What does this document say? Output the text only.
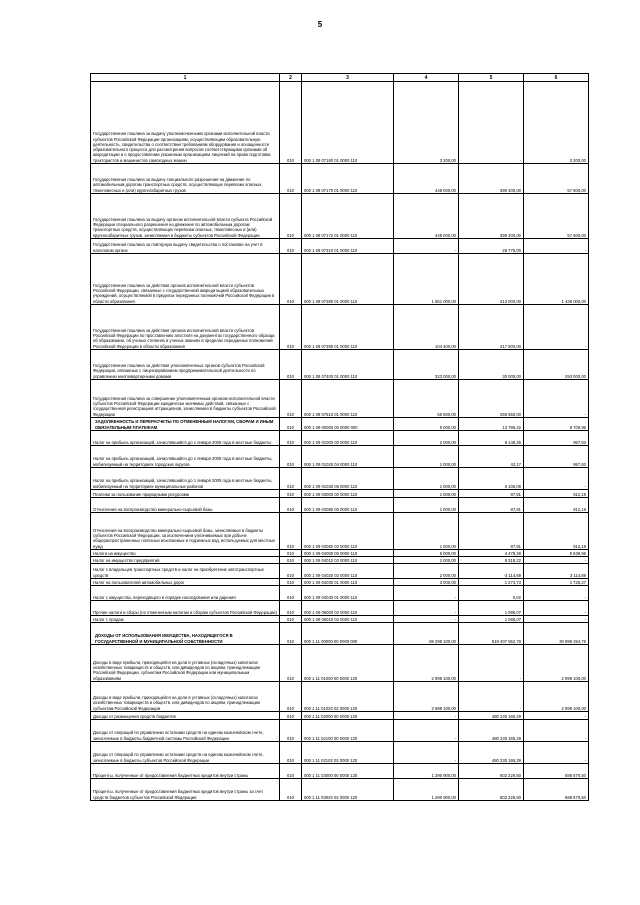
5
1	2	3	4	5	6
Государственная пошлина за выдачу уполномоченными органами исполнительной власти субъектов Российской Федерации организациям, осуществляющим образовательную деятельность, свидетельства о соответствии требованиям оборудования и оснащенности образовательного процесса для рассмотрения вопросов соответствующими органами об аккредитации и о предоставлении указанным организациям лицензий на право подготовки трактористов и машинистов самоходных машин	010	000 1 08 07160 01 0000 110	3 200,00	-	3 200,00
Государственная пошлина за выдачу специального разрешения на движение по автомобильным дорогам транспортных средств, осуществляющих перевозки опасных, тяжеловесных и (или) крупногабаритных грузов	010	000 1 08 07170 01 0000 110	448 000,00	390 400,00	57 600,00
Государственная пошлина за выдачу органом исполнительной власти субъекта Российской Федерации специального разрешения на движение по автомобильным дорогам транспортных средств, осуществляющих перевозки опасных, тяжеловесных и (или) крупногабаритных грузов, зачисляемая в бюджеты субъектов Российской Федерации	010	000 1 08 07172 01 0000 110	448 000,00	390 400,00	57 600,00
Государственная пошлина за повторную выдачу свидетельства о постановке на учет в налоговом органе	010	000 1 08 07310 01 0000 110	-	26 775,00	-
Государственная пошлина за действия органов исполнительной власти субъектов Российской Федерации, связанные с государственной аккредитацией образовательных учреждений, осуществляемой в пределах переданных полномочий Российской Федерации в области образования	010	000 1 08 07380 01 0000 110	1 651 000,00	213 000,00	1 438 000,00
Государственная пошлина за действия органов исполнительной власти субъектов Российской Федерации по проставлению апостиля на документах государственного образца об образовании, об ученых степенях и ученых званиях в пределах переданных полномочий Российской Федерации в области образования	010	000 1 08 07390 01 0000 110	104 400,00	217 500,00	-
Государственная пошлина за действия уполномоченных органов субъектов Российской Федерации, связанные с лицензированием предпринимательской деятельности по управлению многоквартирными домами	010	000 1 08 07400 01 0000 110	323 000,00	30 000,00	293 000,00
Государственная пошлина за совершение уполномоченным органом исполнительной власти субъектов Российской Федерации юридически значимых действий, связанных с государственной регистрацией аттракционов, зачисляемая в бюджеты субъектов Российской Федерации	010	000 1 08 07510 01 0000 110	55 800,00	259 550,00	-
ЗАДОЛЖЕННОСТЬ И ПЕРЕРАСЧЕТЫ ПО ОТМЕНЕННЫМ НАЛОГАМ, СБОРАМ И ИНЫМ ОБЯЗАТЕЛЬНЫМ ПЛАТЕЖАМ	010	000 1 09 00000 00 0000 000	9 000,00	13 796,42	8 709,96
Налог на прибыль организаций, зачислявшийся до 1 января 2005 года в местные бюджеты	010	000 1 09 01000 00 0000 110	2 000,00	8 148,26	957,83
Налог на прибыль организаций, зачислявшийся до 1 января 2005 года в местные бюджеты, мобилизуемый на территориях городских округов	010	000 1 09 01020 04 0000 110	1 000,00	42,17	957,83
Налог на прибыль организаций, зачислявшийся до 1 января 2005 года в местные бюджеты, мобилизуемый на территориях муниципальных районов	010	000 1 09 01030 05 0000 110	1 000,00	8 106,09	-
Платежи за пользование природными ресурсами	010	000 1 09 03000 00 0000 110	1 000,00	87,81	912,19
Отчисления на воспроизводство минерально-сырьевой базы	010	000 1 09 03080 00 0000 110	1 000,00	87,81	912,19
Отчисления на воспроизводство минерально-сырьевой базы, зачисляемые в бюджеты субъектов Российской Федерации, за исключением уплачиваемых при добыче общераспространенных полезных ископаемых и подземных вод, используемых для местных нужд	010	000 1 09 03082 02 0000 110	1 000,00	87,81	912,19
Налоги на имущество	010	000 1 09 04000 00 0000 110	6 000,00	4 478,28	5 639,96
Налог на имущество предприятий	010	000 1 09 04010 02 0000 110	1 000,00	8 318,22	-
Налог с владельцев транспортных средств и налог на приобретение автотранспортных средств	010	000 1 09 04020 02 0000 110	2 000,00	-3 114,69	3 114,69
Налог на пользователей автомобильных дорог	010	000 1 09 04030 01 0000 110	3 000,00	1 274,73	1 725,27
Налог с имущества, переходящего в порядке наследования или дарения	010	000 1 09 04040 01 0000 110	-	0,02	-
Прочие налоги и сборы (по отмененным налогам и сборам субъектов Российской Федерации)	010	000 1 09 06000 02 0000 110	-	1 086,07	-
Налог с продаж	010	000 1 09 06010 02 0000 110	-	1 086,07	-
ДОХОДЫ ОТ ИСПОЛЬЗОВАНИЯ ИМУЩЕСТВА, НАХОДЯЩЕГОСЯ В ГОСУДАРСТВЕННОЙ И МУНИЦИПАЛЬНОЙ СОБСТВЕННОСТИ	010	000 1 11 00000 00 0000 000	69 298 100,00	519 407 552,78	30 998 254,76
Доходы в виде прибыли, приходящейся на доли в уставных (складочных) капиталах хозяйственных товариществ и обществ, или дивидендов по акциям, принадлежащим Российской Федерации, субъектам Российской Федерации или муниципальным образованиям	010	000 1 11 01000 00 0000 120	2 999 100,00	-	2 999 100,00
Доходы в виде прибыли, приходящейся на доли в уставных (складочных) капиталах хозяйственных товариществ и обществ, или дивидендов по акциям, принадлежащим субъектам Российской Федерации	010	000 1 11 01020 02 0000 120	2 999 100,00	-	2 999 100,00
Доходы от размещения средств бюджетов	010	000 1 11 02000 00 0000 120	-	480 230 165,29	-
Доходы от операций по управлению остатками средств на едином казначейском счете, зачисляемые в бюджеты бюджетной системы Российской Федерации	010	000 1 11 02100 00 0000 120	-	480 230 165,29	-
Доходы от операций по управлению остатками средств на едином казначейском счете, зачисляемые в бюджеты субъектов Российской Федерации	010	000 1 11 02102 02 0000 120	-	480 230 165,29	-
Проценты, полученные от предоставления бюджетных кредитов внутри страны	010	000 1 11 03000 00 0000 120	1 290 900,00	602 229,50	688 670,50
Проценты, полученные от предоставления бюджетных кредитов внутри страны за счет средств бюджетов субъектов Российской Федерации	010	000 1 11 03020 02 0000 120	1 290 900,00	602 229,50	688 670,50
